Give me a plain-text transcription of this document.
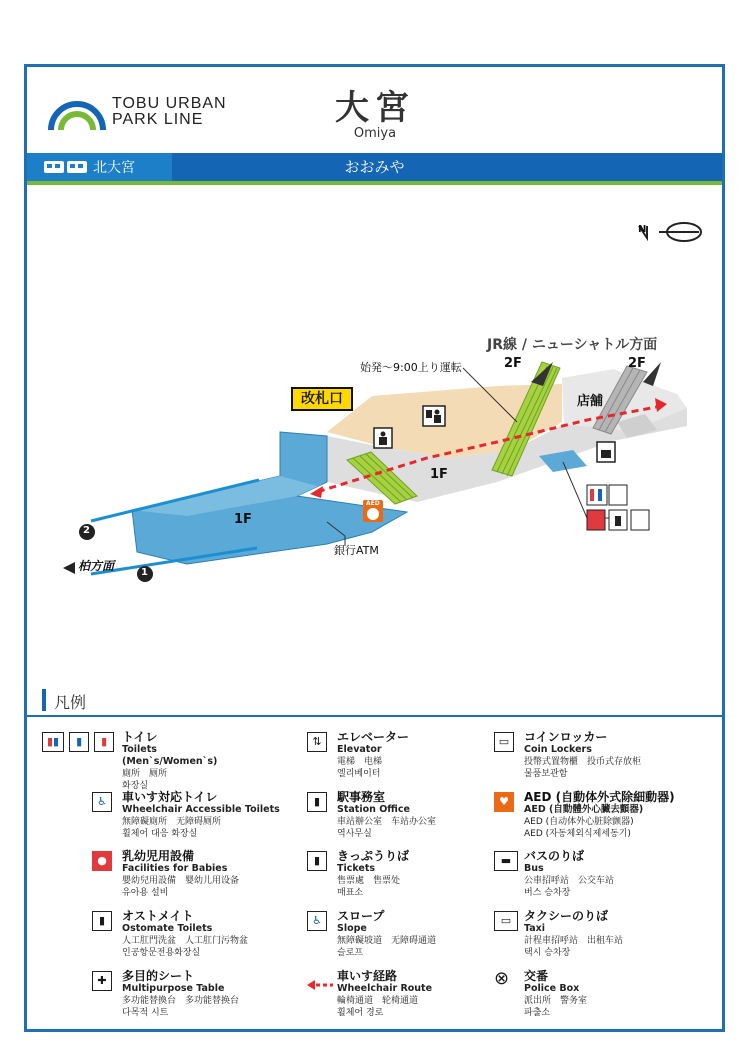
TOBU URBAN
PARK LINE	大宮
Omiya
北大宮	おおみや
JR線 / ニューシャトル方面
始発～9:00上り運転	2F	2F
店舗
1F
1F
改札口
銀行ATM
AED
柏方面
2
1
N
凡例
▮▮ ▮ ▮	トイレ
Toilets (Men`s/Women`s)
廁所　厕所
화장실
♿	車いす対応トイレ
Wheelchair Accessible Toilets
無障礙廁所　无障碍厕所
휠체어 대응 화장실
●	乳幼児用設備
Facilities for Babies
嬰幼兒用設備　婴幼儿用设备
유아용 설비
▮	オストメイト
Ostomate Toilets
人工肛門洗盆　人工肛门污物盆
인공항문전용화장실
✚	多目的シート
Multipurpose Table
多功能替換台　多功能替换台
다목적 시트
⇅	エレベーター
Elevator
電梯　电梯
엘리베이터
▮	駅事務室
Station Office
車站辦公室　车站办公室
역사무실
▮	きっぷうりば
Tickets
售票處　售票处
매표소
♿	スロープ
Slope
無障礙坡道　无障碍通道
슬로프
車いす経路
Wheelchair Route
輪椅通道　轮椅通道
휠체어 경로
▭	コインロッカー
Coin Lockers
投幣式置物櫃　投币式存放柜
물품보관함
♥	AED (自動体外式除細動器)
AED (自動體外心臟去顫器)
AED (自动体外心脏除颤器)
AED (자동체외식제세동기)
▬	バスのりば
Bus
公車招呼站　公交车站
버스 승차장
▭	タクシーのりば
Taxi
計程車招呼站　出租车站
택시 승차장
⊗ 交番
Police Box
派出所　警务室
파출소
